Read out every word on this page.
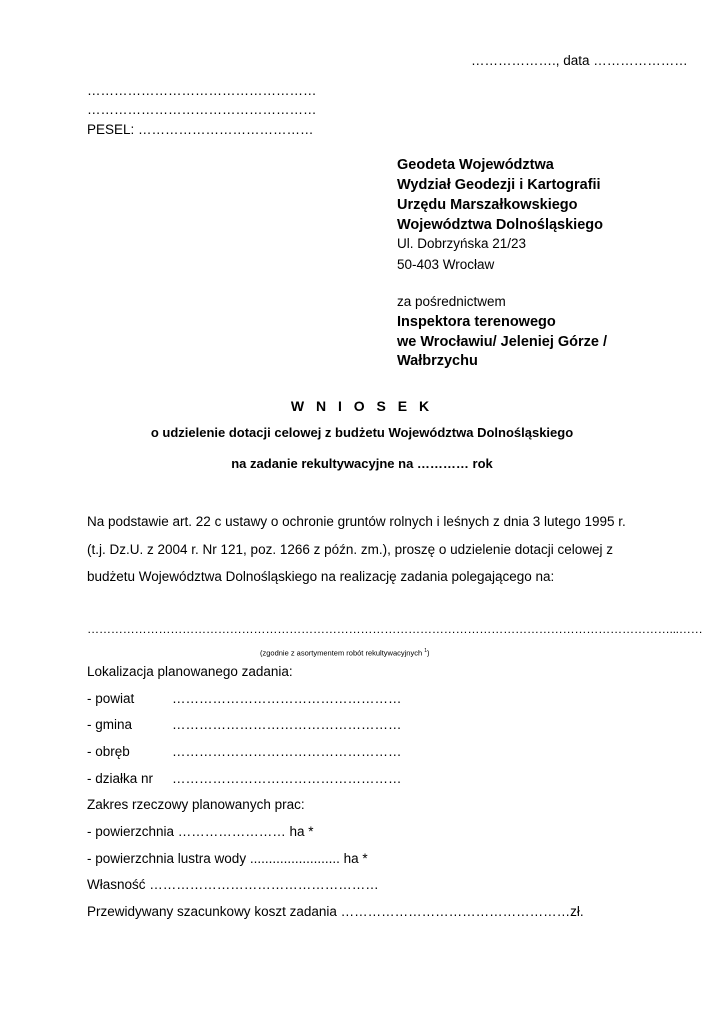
………………., data …………………
……………………………………………
……………………………………………
PESEL: …………………………………
Geodeta Województwa
Wydział Geodezji i Kartografii
Urzędu Marszałkowskiego
Województwa Dolnośląskiego
Ul. Dobrzyńska 21/23
50-403 Wrocław
za pośrednictwem
Inspektora terenowego
we Wrocławiu/ Jeleniej Górze /
Wałbrzychu
W N I O S E K
o udzielenie dotacji celowej z budżetu Województwa Dolnośląskiego
na zadanie rekultywacyjne na ………… rok
Na podstawie art. 22 c ustawy o ochronie gruntów rolnych i leśnych z dnia 3 lutego 1995 r.
(t.j. Dz.U. z 2004 r. Nr 121, poz. 1266 z późn. zm.), proszę o udzielenie dotacji celowej z
budżetu Województwa Dolnośląskiego na realizację zadania polegającego na:
…………………………………………………………………………………………………………………………………...……
(zgodnie z asortymentem robót rekultywacyjnych $^1$)
Lokalizacja planowanego zadania:
- powiat	……………………………………………
- gmina	……………………………………………
- obręb	……………………………………………
- działka nr ……………………………………………
Zakres rzeczowy planowanych prac:
- powierzchnia …………………… ha *
- powierzchnia lustra wody ........................ ha *
Własność ……………………………………………
Przewidywany szacunkowy koszt zadania ……………………………………………zł.
